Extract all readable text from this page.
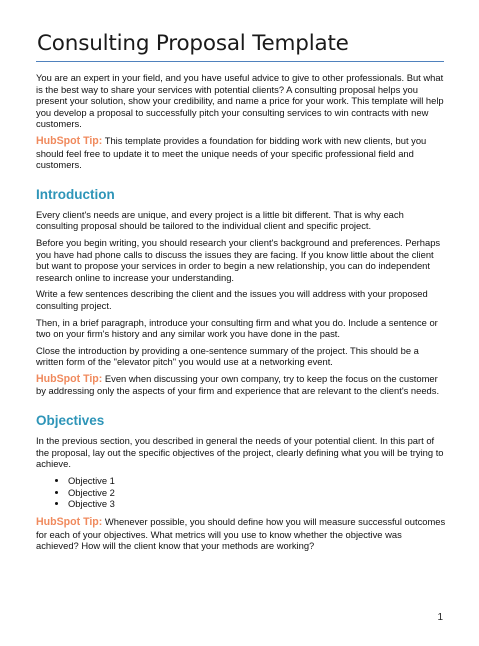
Consulting Proposal Template

You are an expert in your field, and you have useful advice to give to other professionals. But what is the best way to share your services with potential clients? A consulting proposal helps you present your solution, show your credibility, and name a price for your work. This template will help you develop a proposal to successfully pitch your consulting services to win contracts with new customers.

HubSpot Tip: This template provides a foundation for bidding work with new clients, but you should feel free to update it to meet the unique needs of your specific professional field and customers.

Introduction

Every client's needs are unique, and every project is a little bit different. That is why each consulting proposal should be tailored to the individual client and specific project.

Before you begin writing, you should research your client's background and preferences. Perhaps you have had phone calls to discuss the issues they are facing. If you know little about the client but want to propose your services in order to begin a new relationship, you can do independent research online to increase your understanding.

Write a few sentences describing the client and the issues you will address with your proposed consulting project.

Then, in a brief paragraph, introduce your consulting firm and what you do. Include a sentence or two on your firm's history and any similar work you have done in the past.

Close the introduction by providing a one-sentence summary of the project. This should be a written form of the "elevator pitch" you would use at a networking event.

HubSpot Tip: Even when discussing your own company, try to keep the focus on the customer by addressing only the aspects of your firm and experience that are relevant to the client's needs.

Objectives

In the previous section, you described in general the needs of your potential client. In this part of the proposal, lay out the specific objectives of the project, clearly defining what you will be trying to achieve.

• Objective 1
• Objective 2
• Objective 3

HubSpot Tip: Whenever possible, you should define how you will measure successful outcomes for each of your objectives. What metrics will you use to know whether the objective was achieved? How will the client know that your methods are working?

1
